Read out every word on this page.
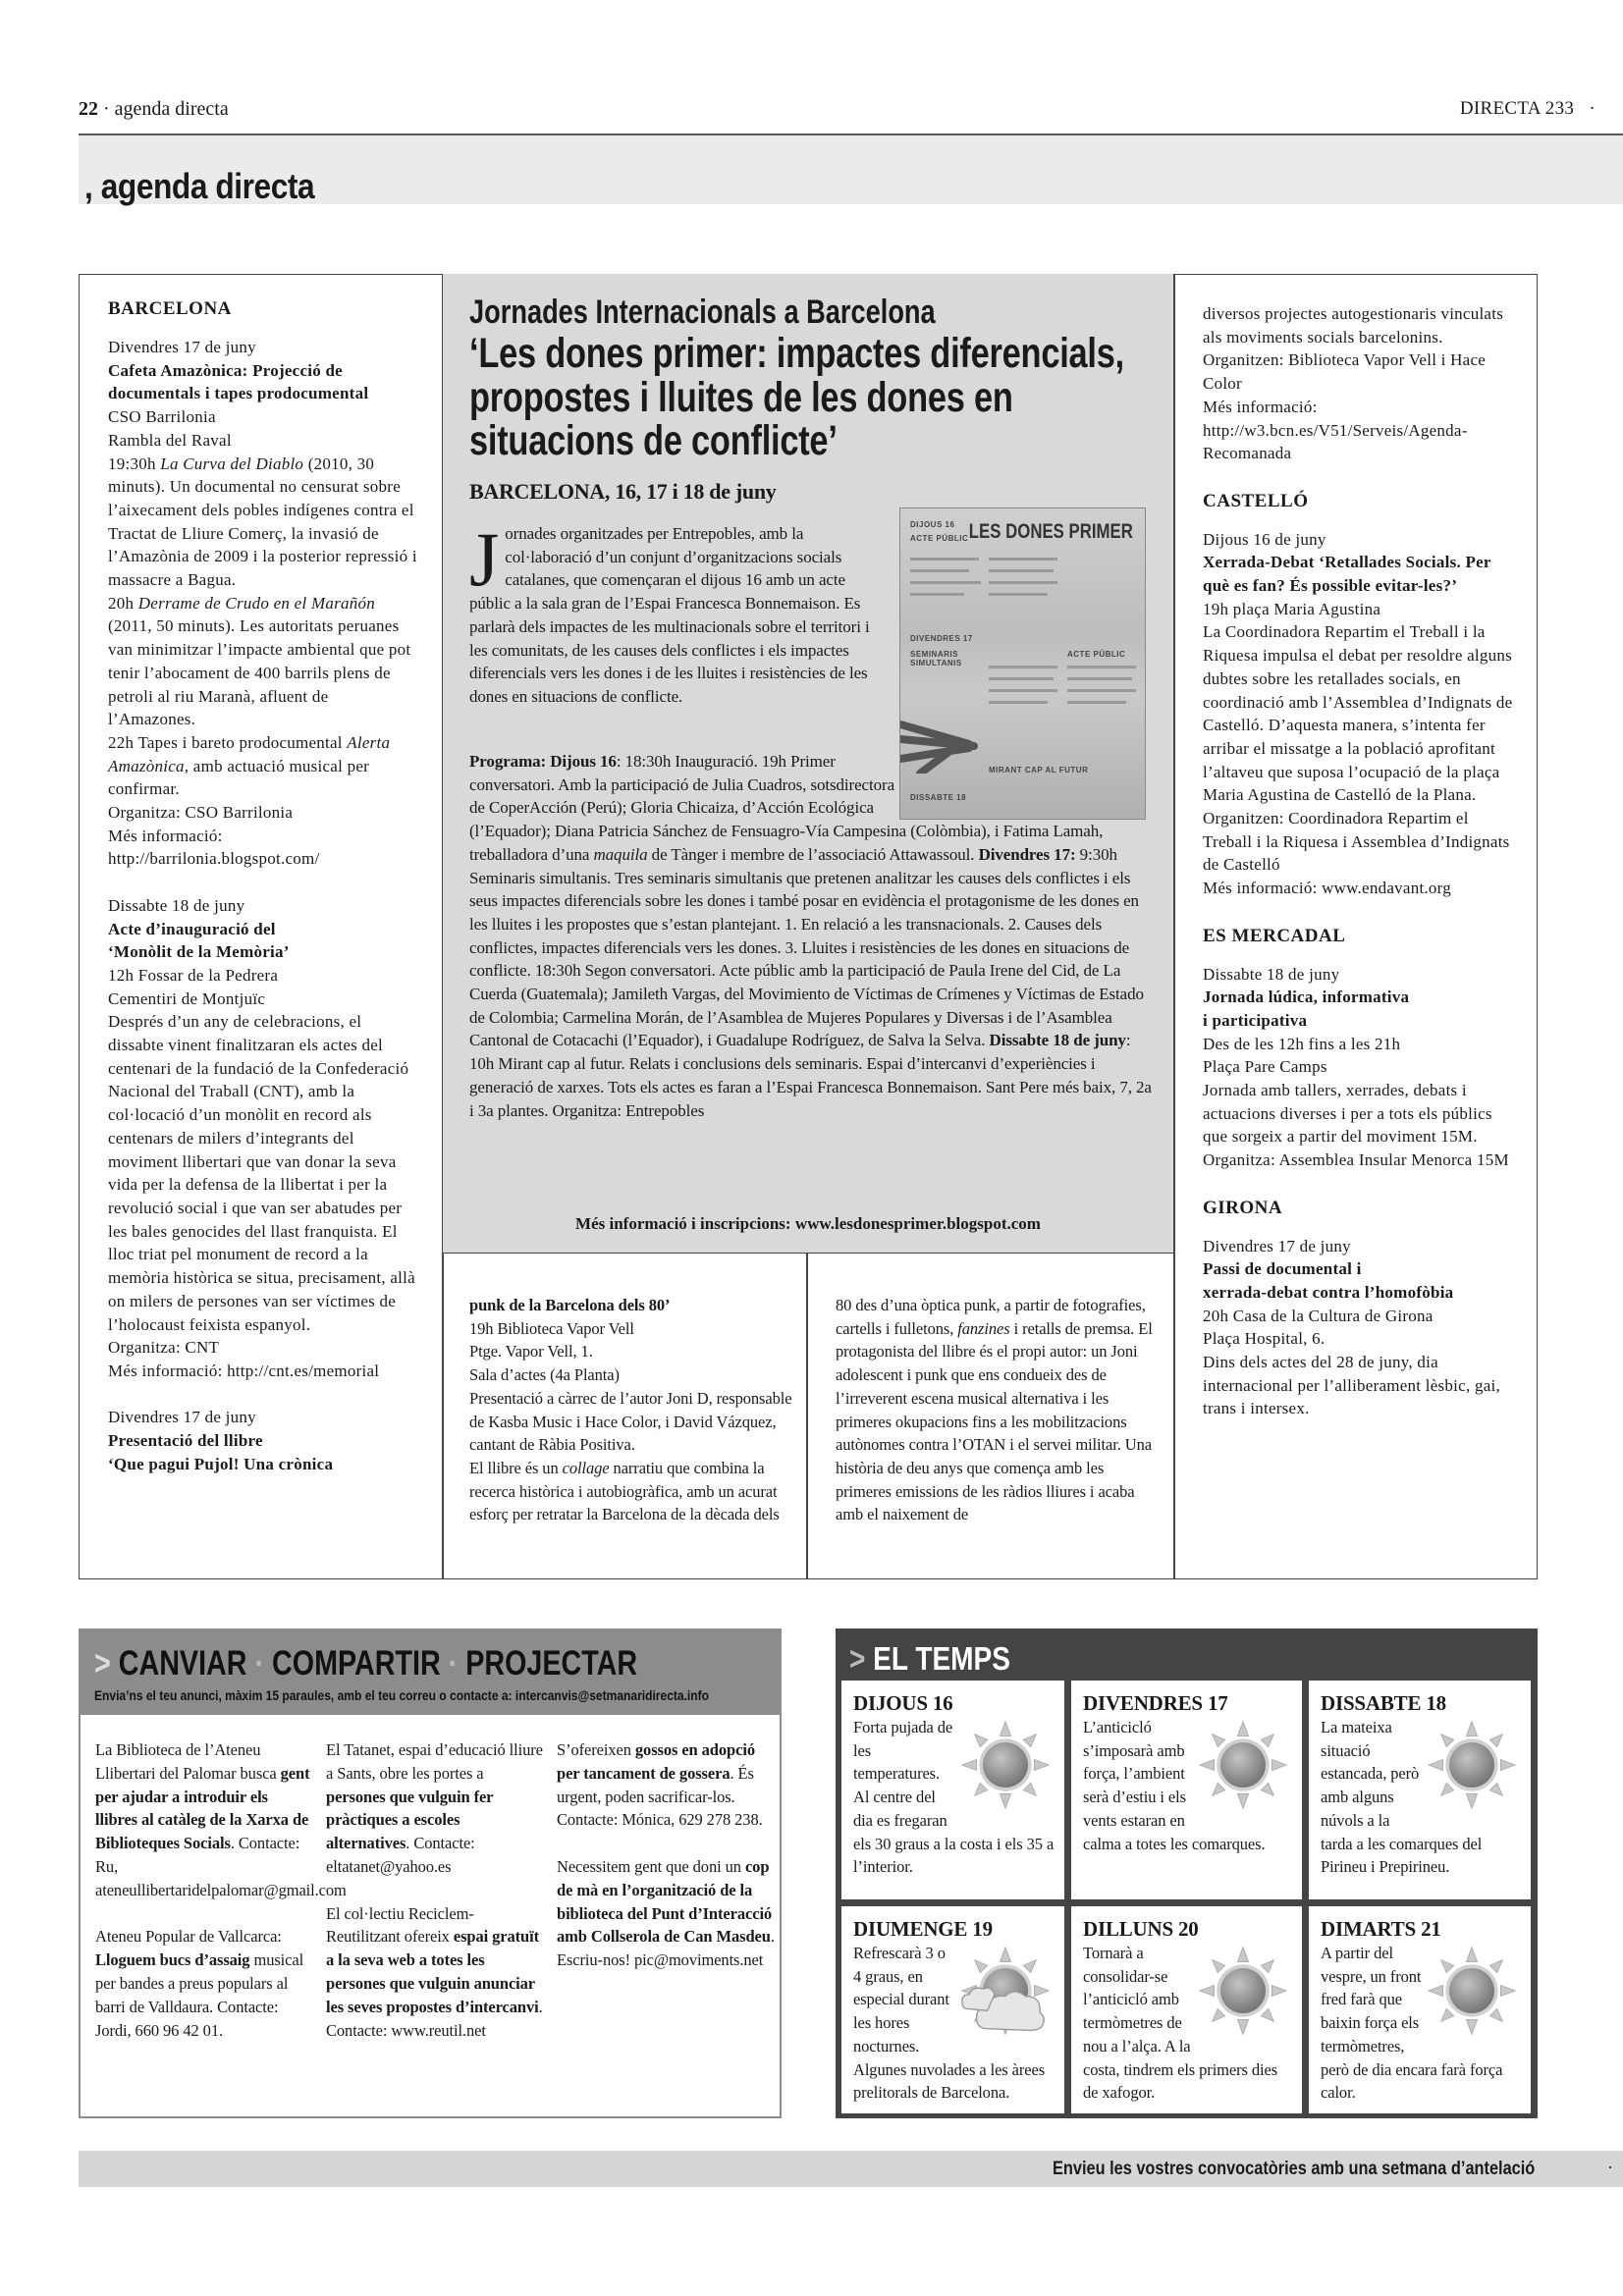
22 · agenda directa	DIRECTA 233 ·
, agenda directa
BARCELONA
Divendres 17 de juny
Cafeta Amazònica: Projecció de documentals i tapes prodocumental
CSO Barrilonia
Rambla del Raval
19:30h La Curva del Diablo (2010, 30 minuts). Un documental no censurat sobre l’aixecament dels pobles indígenes contra el Tractat de Lliure Comerç, la invasió de l’Amazònia de 2009 i la posterior repressió i massacre a Bagua.
20h Derrame de Crudo en el Marañón (2011, 50 minuts). Les autoritats peruanes van minimitzar l’impacte ambiental que pot tenir l’abocament de 400 barrils plens de petroli al riu Maranà, afluent de l’Amazones.
22h Tapes i bareto prodocumental Alerta Amazònica, amb actuació musical per confirmar.
Organitza: CSO Barrilonia
Més informació:
http://barrilonia.blogspot.com/
Dissabte 18 de juny
Acte d’inauguració del
‘Monòlit de la Memòria’
12h Fossar de la Pedrera
Cementiri de Montjuïc
Després d’un any de celebracions, el dissabte vinent finalitzaran els actes del centenari de la fundació de la Confederació Nacional del Traball (CNT), amb la col·locació d’un monòlit en record als centenars de milers d’integrants del moviment llibertari que van donar la seva vida per la defensa de la llibertat i per la revolució social i que van ser abatudes per les bales genocides del llast franquista. El lloc triat pel monument de record a la memòria històrica se situa, precisament, allà on milers de persones van ser víctimes de l’holocaust feixista espanyol.
Organitza: CNT
Més informació: http://cnt.es/memorial
Divendres 17 de juny
Presentació del llibre
‘Que pagui Pujol! Una crònica
Jornades Internacionals a Barcelona
‘Les dones primer: impactes diferencials, propostes i lluites de les dones en situacions de conflicte’
BARCELONA, 16, 17 i 18 de juny
Jornades organitzades per Entrepobles, amb la col·laboració d’un conjunt d’organitzacions socials catalanes, que començaran el dijous 16 amb un acte públic a la sala gran de l’Espai Francesca Bonnemaison. Es parlarà dels impactes de les multinacionals sobre el territori i les comunitats, de les causes dels conflictes i els impactes diferencials vers les dones i de les lluites i resistències de les dones en situacions de conflicte.
Programa: Dijous 16: 18:30h Inauguració. 19h Primer conversatori. Amb la participació de Julia Cuadros, sotsdirectora de CoperAcción (Perú); Gloria Chicaiza, d’Acción Ecológica (l’Equador); Diana Patricia Sánchez de Fensuagro-Vía Campesina (Colòmbia), i Fatima Lamah, treballadora d’una maquila de Tànger i membre de l’associació Attawassoul. Divendres 17: 9:30h Seminaris simultanis. Tres seminaris simultanis que pretenen analitzar les causes dels conflictes i els seus impactes diferencials sobre les dones i també posar en evidència el protagonisme de les dones en les lluites i les propostes que s’estan plantejant. 1. En relació a les transnacionals. 2. Causes dels conflictes, impactes diferencials vers les dones. 3. Lluites i resistències de les dones en situacions de conflicte. 18:30h Segon conversatori. Acte públic amb la participació de Paula Irene del Cid, de La Cuerda (Guatemala); Jamileth Vargas, del Movimiento de Víctimas de Crímenes y Víctimas de Estado de Colombia; Carmelina Morán, de l’Asamblea de Mujeres Populares y Diversas i de l’Asamblea Cantonal de Cotacachi (l’Equador), i Guadalupe Rodríguez, de Salva la Selva. Dissabte 18 de juny: 10h Mirant cap al futur. Relats i conclusions dels seminaris. Espai d’intercanvi d’experiències i generació de xarxes. Tots els actes es faran a l’Espai Francesca Bonnemaison. Sant Pere més baix, 7, 2a i 3a plantes. Organitza: Entrepobles
Més informació i inscripcions: www.lesdonesprimer.blogspot.com
LES DONES PRIMER
DIJOUS 16
ACTE PÚBLIC
DIVENDRES 17
SEMINARIS SIMULTANIS
ACTE PÚBLIC
MIRANT CAP AL FUTUR
DISSABTE 18
punk de la Barcelona dels 80’
19h Biblioteca Vapor Vell
Ptge. Vapor Vell, 1.
Sala d’actes (4a Planta)
Presentació a càrrec de l’autor Joni D, responsable de Kasba Music i Hace Color, i David Vázquez, cantant de Ràbia Positiva.
El llibre és un collage narratiu que combina la recerca històrica i autobiogràfica, amb un acurat esforç per retratar la Barcelona de la dècada dels
80 des d’una òptica punk, a partir de fotografies, cartells i fulletons, fanzines i retalls de premsa. El protagonista del llibre és el propi autor: un Joni adolescent i punk que ens condueix des de l’irreverent escena musical alternativa i les primeres okupacions fins a les mobilitzacions autònomes contra l’OTAN i el servei militar. Una història de deu anys que comença amb les primeres emissions de les ràdios lliures i acaba amb el naixement de
diversos projectes autogestionaris vinculats als moviments socials barcelonins.
Organitzen: Biblioteca Vapor Vell i Hace Color
Més informació:
http://w3.bcn.es/V51/Serveis/Agenda-Recomanada
CASTELLÓ
Dijous 16 de juny
Xerrada-Debat ‘Retallades Socials. Per què es fan? És possible evitar-les?’
19h plaça Maria Agustina
La Coordinadora Repartim el Treball i la Riquesa impulsa el debat per resoldre alguns dubtes sobre les retallades socials, en coordinació amb l’Assemblea d’Indignats de Castelló. D’aquesta manera, s’intenta fer arribar el missatge a la població aprofitant l’altaveu que suposa l’ocupació de la plaça Maria Agustina de Castelló de la Plana.
Organitzen: Coordinadora Repartim el Treball i la Riquesa i Assemblea d’Indignats de Castelló
Més informació: www.endavant.org
ES MERCADAL
Dissabte 18 de juny
Jornada lúdica, informativa
i participativa
Des de les 12h fins a les 21h
Plaça Pare Camps
Jornada amb tallers, xerrades, debats i actuacions diverses i per a tots els públics que sorgeix a partir del moviment 15M.
Organitza: Assemblea Insular Menorca 15M
GIRONA
Divendres 17 de juny
Passi de documental i
xerrada-debat contra l’homofòbia
20h Casa de la Cultura de Girona
Plaça Hospital, 6.
Dins dels actes del 28 de juny, dia internacional per l’alliberament lèsbic, gai, trans i intersex.
> CANVIAR · COMPARTIR · PROJECTAR
Envia’ns el teu anunci, màxim 15 paraules, amb el teu correu o contacte a: intercanvis@setmanaridirecta.info

La Biblioteca de l’Ateneu Llibertari del Palomar busca gent per ajudar a introduir els llibres al catàleg de la Xarxa de Biblioteques Socials. Contacte: Ru, ateneullibertaridelpalomar@gmail.com

Ateneu Popular de Vallcarca: Lloguem bucs d’assaig musical per bandes a preus populars al barri de Valldaura. Contacte: Jordi, 660 96 42 01.

El Tatanet, espai d’educació lliure a Sants, obre les portes a persones que vulguin fer pràctiques a escoles alternatives. Contacte: eltatanet@yahoo.es

El col·lectiu Reciclem-Reutilitzant ofereix espai gratuït a la seva web a totes les persones que vulguin anunciar les seves propostes d’intercanvi. Contacte: www.reutil.net

S’ofereixen gossos en adopció per tancament de gossera. És urgent, poden sacrificar-los. Contacte: Mónica, 629 278 238.

Necessitem gent que doni un cop de mà en l’organització de la biblioteca del Punt d’Interacció amb Collserola de Can Masdeu. Escriu-nos! pic@moviments.net

> EL TEMPS
DIJOUS 16
Forta pujada de les temperatures. Al centre del dia es fregaran els 30 graus a la costa i els 35 a l’interior.
DIVENDRES 17
L’anticicló s’imposarà amb força, l’ambient serà d’estiu i els vents estaran en calma a totes les comarques.
DISSABTE 18
La mateixa situació estancada, però amb alguns núvols a la tarda a les comarques del Pirineu i Prepirineu.
DIUMENGE 19
Refrescarà 3 o 4 graus, en especial durant les hores nocturnes. Algunes nuvolades a les àrees prelitorals de Barcelona.
DILLUNS 20
Tornarà a consolidar-se l’anticicló amb termòmetres de nou a l’alça. A la costa, tindrem els primers dies de xafogor.
DIMARTS 21
A partir del vespre, un front fred farà que baixin força els termòmetres, però de dia encara farà força calor.
Envieu les vostres convocatòries amb una setmana d’antelació	·
